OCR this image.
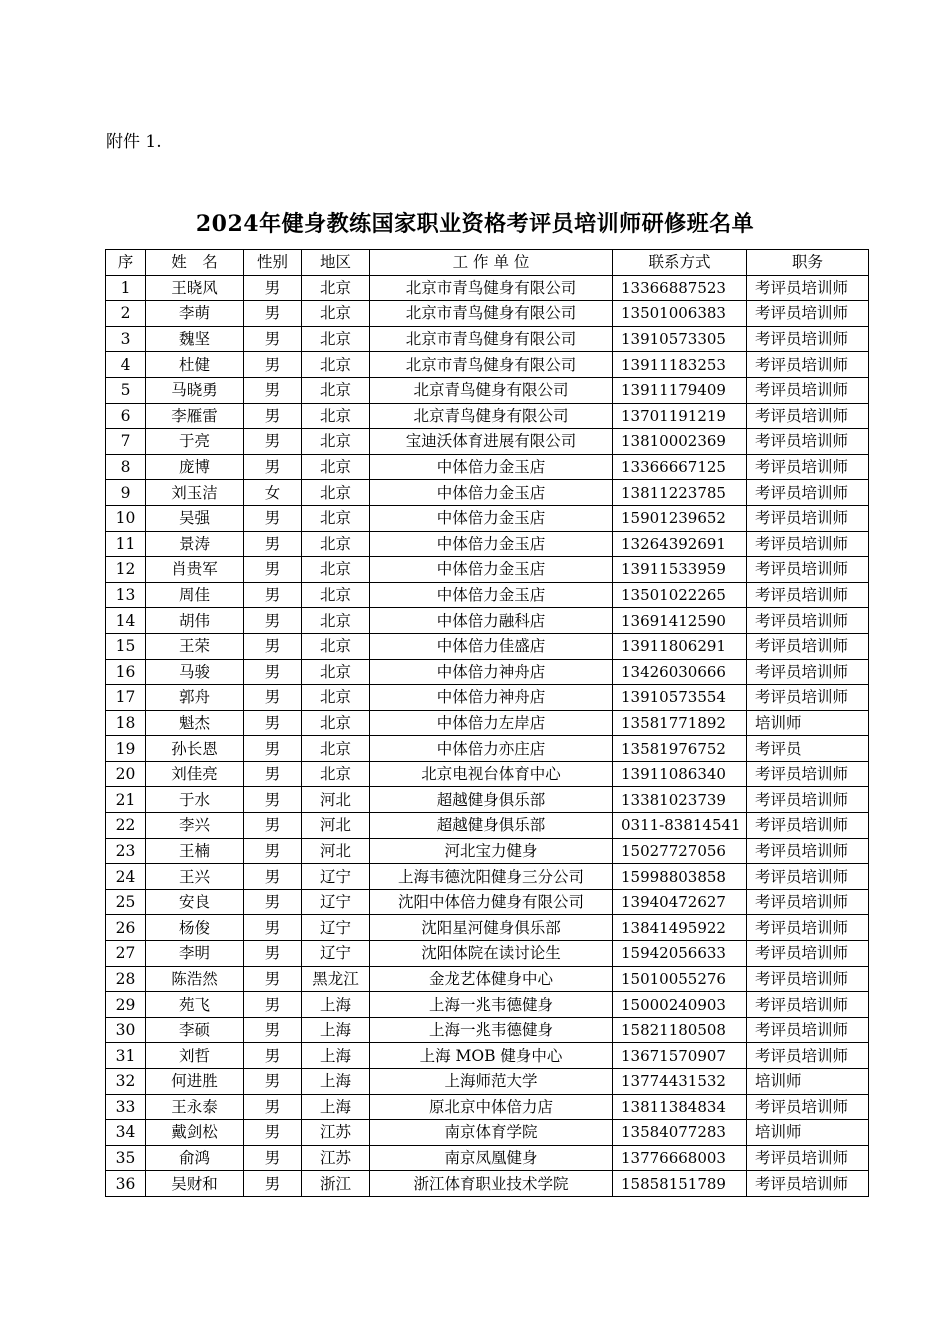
附件 1.
2024年健身教练国家职业资格考评员培训师研修班名单
序	姓　名	性别	地区	工 作 单 位	联系方式	职务
1	王晓风	男	北京	北京市青鸟健身有限公司	13366887523	考评员培训师
2	李萌	男	北京	北京市青鸟健身有限公司	13501006383	考评员培训师
3	魏坚	男	北京	北京市青鸟健身有限公司	13910573305	考评员培训师
4	杜健	男	北京	北京市青鸟健身有限公司	13911183253	考评员培训师
5	马晓勇	男	北京	北京青鸟健身有限公司	13911179409	考评员培训师
6	李雁雷	男	北京	北京青鸟健身有限公司	13701191219	考评员培训师
7	于亮	男	北京	宝迪沃体育进展有限公司	13810002369	考评员培训师
8	庞博	男	北京	中体倍力金玉店	13366667125	考评员培训师
9	刘玉洁	女	北京	中体倍力金玉店	13811223785	考评员培训师
10	吴强	男	北京	中体倍力金玉店	15901239652	考评员培训师
11	景涛	男	北京	中体倍力金玉店	13264392691	考评员培训师
12	肖贵军	男	北京	中体倍力金玉店	13911533959	考评员培训师
13	周佳	男	北京	中体倍力金玉店	13501022265	考评员培训师
14	胡伟	男	北京	中体倍力融科店	13691412590	考评员培训师
15	王荣	男	北京	中体倍力佳盛店	13911806291	考评员培训师
16	马骏	男	北京	中体倍力神舟店	13426030666	考评员培训师
17	郭舟	男	北京	中体倍力神舟店	13910573554	考评员培训师
18	魁杰	男	北京	中体倍力左岸店	13581771892	培训师
19	孙长恩	男	北京	中体倍力亦庄店	13581976752	考评员
20	刘佳亮	男	北京	北京电视台体育中心	13911086340	考评员培训师
21	于水	男	河北	超越健身俱乐部	13381023739	考评员培训师
22	李兴	男	河北	超越健身俱乐部	0311-83814541	考评员培训师
23	王楠	男	河北	河北宝力健身	15027727056	考评员培训师
24	王兴	男	辽宁	上海韦德沈阳健身三分公司	15998803858	考评员培训师
25	安良	男	辽宁	沈阳中体倍力健身有限公司	13940472627	考评员培训师
26	杨俊	男	辽宁	沈阳星河健身俱乐部	13841495922	考评员培训师
27	李明	男	辽宁	沈阳体院在读讨论生	15942056633	考评员培训师
28	陈浩然	男	黑龙江	金龙艺体健身中心	15010055276	考评员培训师
29	苑飞	男	上海	上海一兆韦德健身	15000240903	考评员培训师
30	李硕	男	上海	上海一兆韦德健身	15821180508	考评员培训师
31	刘哲	男	上海	上海 MOB 健身中心	13671570907	考评员培训师
32	何进胜	男	上海	上海师范大学	13774431532	培训师
33	王永泰	男	上海	原北京中体倍力店	13811384834	考评员培训师
34	戴剑松	男	江苏	南京体育学院	13584077283	培训师
35	俞鸿	男	江苏	南京凤凰健身	13776668003	考评员培训师
36	吴财和	男	浙江	浙江体育职业技术学院	15858151789	考评员培训师
